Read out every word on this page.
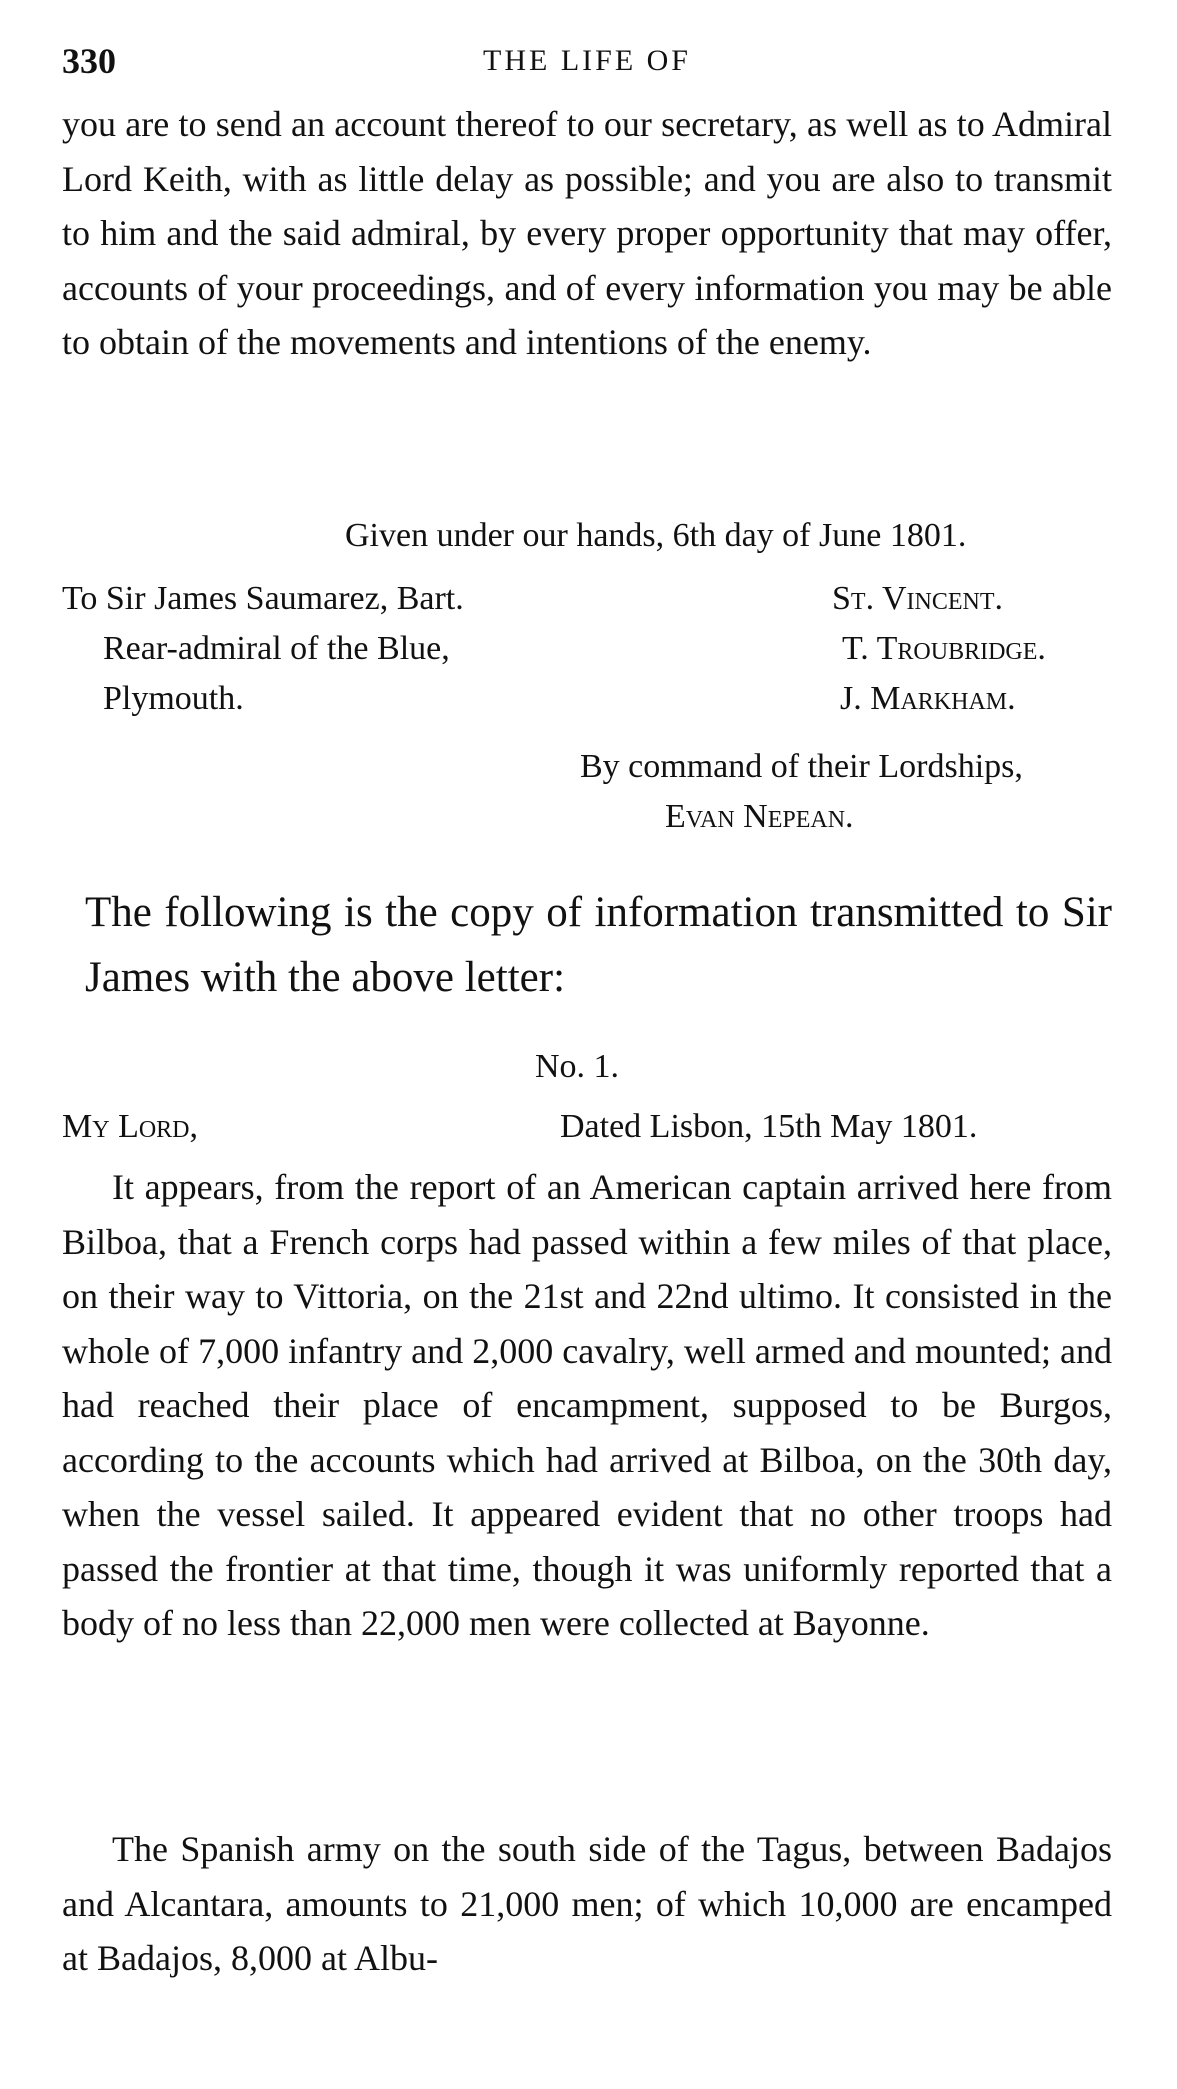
330	THE LIFE OF

you are to send an account thereof to our secretary, as well as to Admiral Lord Keith, with as little delay as possible; and you are also to transmit to him and the said admiral, by every proper opportunity that may offer, accounts of your proceedings, and of every information you may be able to obtain of the movements and intentions of the enemy.

Given under our hands, 6th day of June 1801.
To Sir James Saumarez, Bart.
Rear-admiral of the Blue,
Plymouth.
St. Vincent.
T. Troubridge.
J. Markham.
By command of their Lordships,
Evan Nepean.
The following is the copy of information transmitted to Sir James with the above letter:
No. 1.
My Lord,	Dated Lisbon, 15th May 1801.

It appears, from the report of an American captain arrived here from Bilboa, that a French corps had passed within a few miles of that place, on their way to Vittoria, on the 21st and 22nd ultimo. It consisted in the whole of 7,000 infantry and 2,000 cavalry, well armed and mounted; and had reached their place of encampment, supposed to be Burgos, according to the accounts which had arrived at Bilboa, on the 30th day, when the vessel sailed. It appeared evident that no other troops had passed the frontier at that time, though it was uniformly reported that a body of no less than 22,000 men were collected at Bayonne.

The Spanish army on the south side of the Tagus, between Badajos and Alcantara, amounts to 21,000 men; of which 10,000 are encamped at Badajos, 8,000 at Albu-
